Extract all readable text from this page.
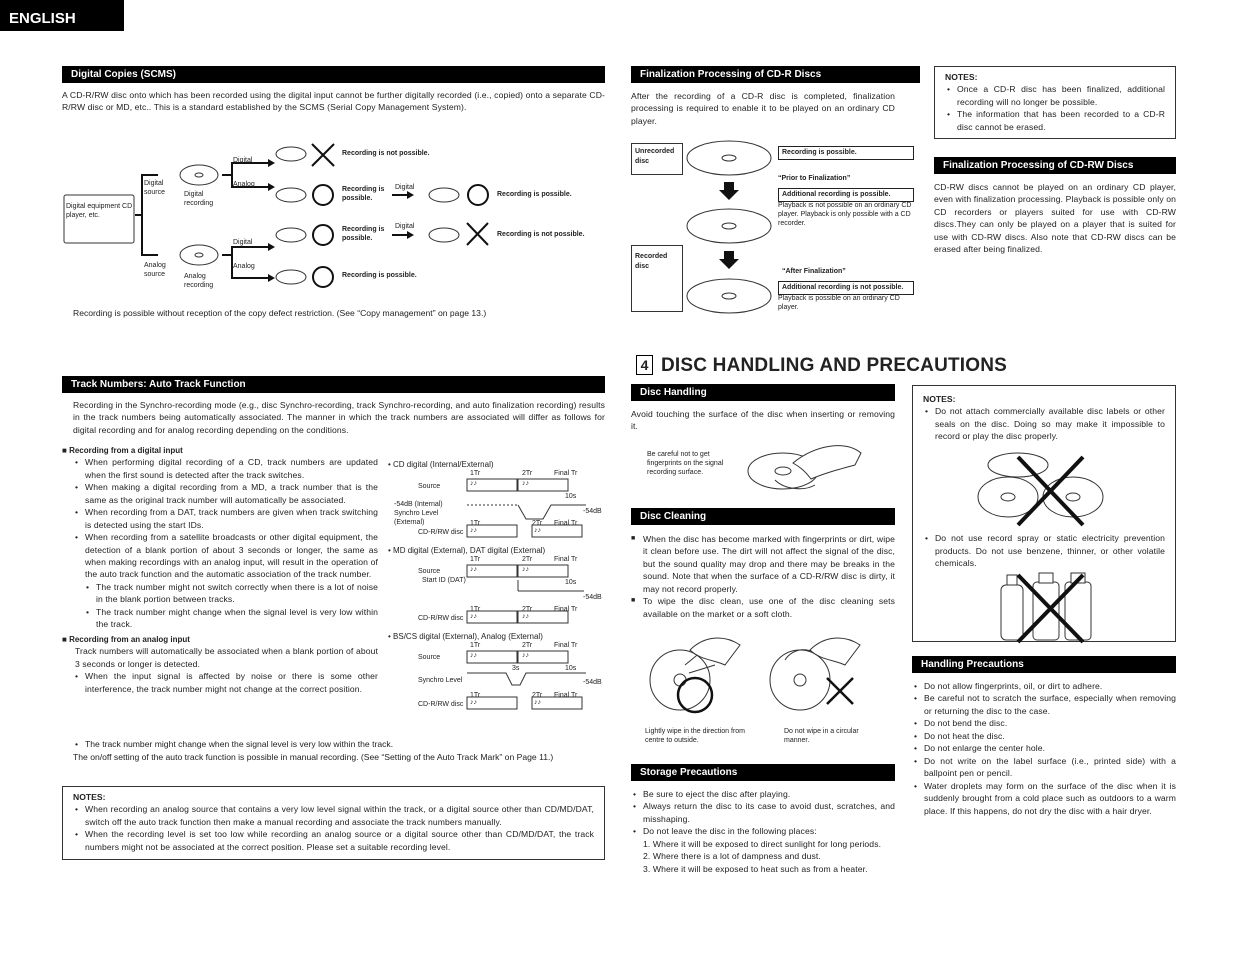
ENGLISH
Digital Copies (SCMS)
A CD-R/RW disc onto which has been recorded using the digital input cannot be further digitally recorded (i.e., copied) onto a separate CD-R/RW disc or MD, etc.. This is a standard established by the SCMS (Serial Copy Management System).
Digital equipment CD player, etc.
Digital source
Analog source
Digital recording
Analog recording
Digital
Analog
Digital
Analog
Digital
Digital
Recording is not possible.
Recording is possible.
Recording is possible.
Recording is possible.
Recording is possible.
Recording is not possible.
Recording is possible without reception of the copy defect restriction. (See “Copy management” on page 13.)
Track Numbers: Auto Track Function
Recording in the Synchro-recording mode (e.g., disc Synchro-recording, track Synchro-recording, and auto finalization recording) results in the track numbers being automatically associated. The manner in which the track numbers are associated will differ as follows for digital recording and for analog recording depending on the conditions.
■ Recording from a digital input
• When performing digital recording of a CD, track numbers are updated when the first sound is detected after the track switches.
• When making a digital recording from a MD, a track number that is the same as the original track number will automatically be associated.
• When recording from a DAT, track numbers are given when track switching is detected using the start IDs.
• When recording from a satellite broadcasts or other digital equipment, the detection of a blank portion of about 3 seconds or longer, the same as when making recordings with an analog input, will result in the operation of the auto track function and the automatic association of the track number.
• The track number might not switch correctly when there is a lot of noise in the blank portion between tracks.
• The track number might change when the signal level is very low within the track.
■ Recording from an analog input
Track numbers will automatically be associated when a blank portion of about 3 seconds or longer is detected.
• When the input signal is affected by noise or there is some other interference, the track number might not change at the correct position.
• The track number might change when the signal level is very low within the track.
The on/off setting of the auto track function is possible in manual recording. (See “Setting of the Auto Track Mark” on Page 11.)
• CD digital (Internal/External)
1Tr	2Tr	Final Tr
Source	♪♪	♪♪
-54dB (Internal) Synchro Level (External)
10s
-54dB
1Tr	2Tr Final Tr
CD-R/RW disc ♪♪	♪♪
• MD digital (External), DAT digital (External)
1Tr	2Tr	Final Tr
Source	♪♪	♪♪
Start ID (DAT)	10s
-54dB
1Tr	2Tr	Final Tr
CD-R/RW disc ♪♪	♪♪
• BS/CS digital (External), Analog (External)
1Tr	2Tr	Final Tr
Source	♪♪	♪♪
Synchro Level
3s	10s
-54dB
1Tr	2Tr Final Tr
CD-R/RW disc ♪♪	♪♪
NOTES:
• When recording an analog source that contains a very low level signal within the track, or a digital source other than CD/MD/DAT, switch off the auto track function then make a manual recording and associate the track numbers manually.
• When the recording level is set too low while recording an analog source or a digital source other than CD/MD/DAT, the track numbers might not be associated at the correct position. Please set a suitable recording level.
Finalization Processing of CD-R Discs
After the recording of a CD-R disc is completed, finalization processing is required to enable it to be played on an ordinary CD player.
Unrecorded disc
Recorded disc
Recording is possible.
“Prior to Finalization”
Additional recording is possible.
Playback is not possible on an ordinary CD player. Playback is only possible with a CD recorder.
“After Finalization”
Additional recording is not possible.
Playback is possible on an ordinary CD player.
NOTES:
• Once a CD-R disc has been finalized, additional recording will no longer be possible.
• The information that has been recorded to a CD-R disc cannot be erased.
Finalization Processing of CD-RW Discs
CD-RW discs cannot be played on an ordinary CD player, even with finalization processing. Playback is possible only on CD recorders or players suited for use with CD-RW discs.They can only be played on a player that is suited for use with CD-RW discs. Also note that CD-RW discs can be erased after being finalized.
4 DISC HANDLING AND PRECAUTIONS
Disc Handling
Avoid touching the surface of the disc when inserting or removing it.
Be careful not to get fingerprints on the signal recording surface.
Disc Cleaning
■ When the disc has become marked with fingerprints or dirt, wipe it clean before use. The dirt will not affect the signal of the disc, but the sound quality may drop and there may be breaks in the sound. Note that when the surface of a CD-R/RW disc is dirty, it may not record properly.
■ To wipe the disc clean, use one of the disc cleaning sets available on the market or a soft cloth.
Lightly wipe in the direction from centre to outside.
Do not wipe in a circular manner.
Storage Precautions
• Be sure to eject the disc after playing.
• Always return the disc to its case to avoid dust, scratches, and misshaping.
• Do not leave the disc in the following places:
1. Where it will be exposed to direct sunlight for long periods.
2. Where there is a lot of dampness and dust.
3. Where it will be exposed to heat such as from a heater.
NOTES:
• Do not attach commercially available disc labels or other seals on the disc. Doing so may make it impossible to record or play the disc properly.
• Do not use record spray or static electricity prevention products. Do not use benzene, thinner, or other volatile chemicals.
Handling Precautions
• Do not allow fingerprints, oil, or dirt to adhere.
• Be careful not to scratch the surface, especially when removing or returning the disc to the case.
• Do not bend the disc.
• Do not heat the disc.
• Do not enlarge the center hole.
• Do not write on the label surface (i.e., printed side) with a ballpoint pen or pencil.
• Water droplets may form on the surface of the disc when it is suddenly brought from a cold place such as outdoors to a warm place. If this happens, do not dry the disc with a hair dryer.
